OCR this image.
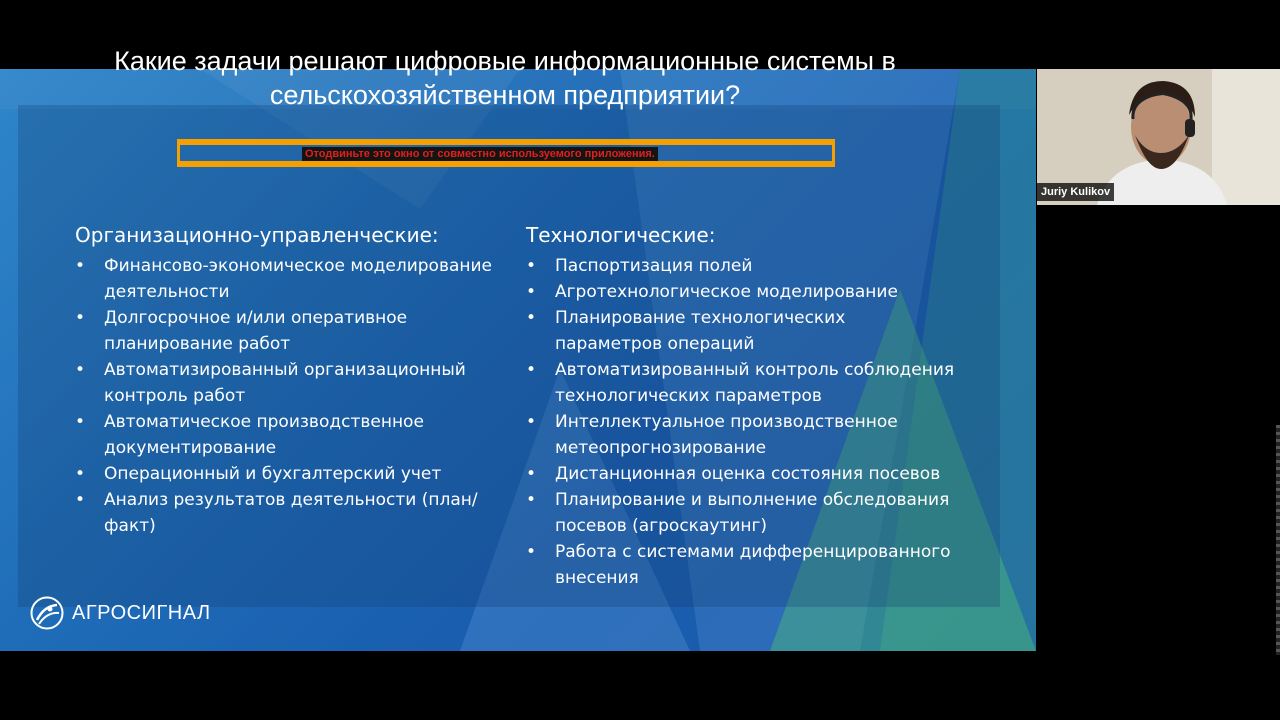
Какие задачи решают цифровые информационные системы в
сельскохозяйственном предприятии?
Отодвиньте это окно от совместно используемого приложения.
Организационно-управленческие:
• Финансово-экономическое моделирование деятельности
• Долгосрочное и/или оперативное планирование работ
• Автоматизированный организационный контроль работ
• Автоматическое производственное документирование
• Операционный и бухгалтерский учет
• Анализ результатов деятельности (план/факт)
Технологические:
• Паспортизация полей
• Агротехнологическое моделирование
• Планирование технологических параметров операций
• Автоматизированный контроль соблюдения технологических параметров
• Интеллектуальное производственное метеопрогнозирование
• Дистанционная оценка состояния посевов
• Планирование и выполнение обследования посевов (агроскаутинг)
• Работа с системами дифференцированного внесения
АГРОСИГНАЛ
Juriy Kulikov
